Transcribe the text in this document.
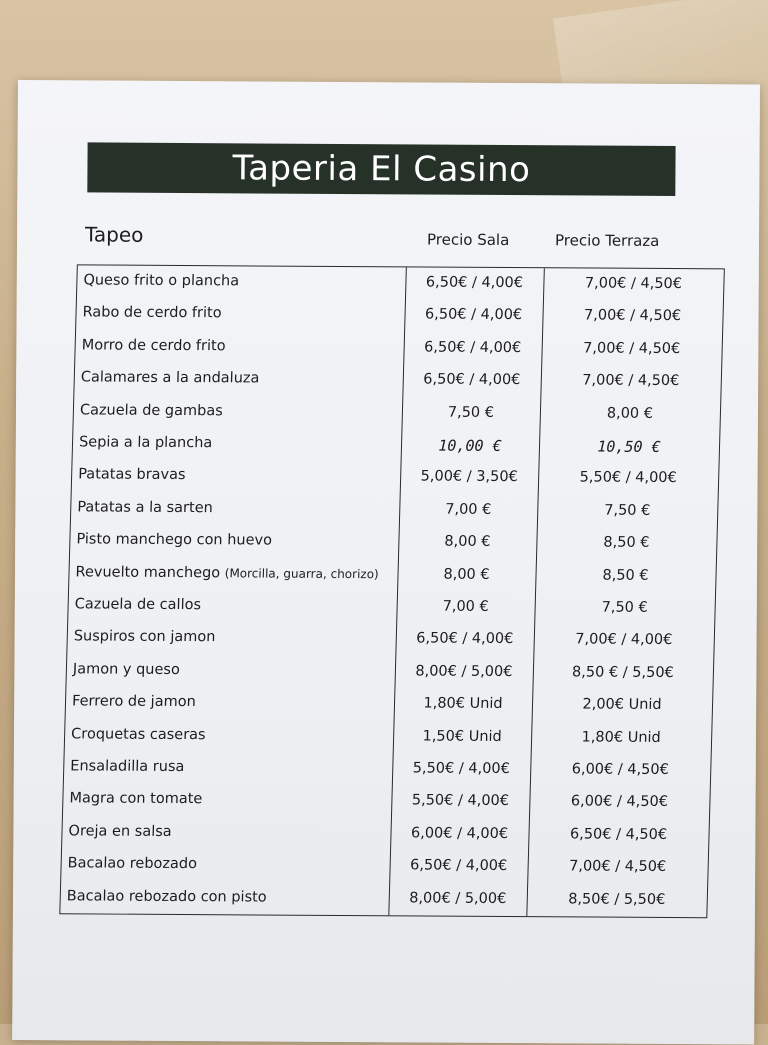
Taperia El Casino
Tapeo	Precio Sala	Precio Terraza
Queso frito o plancha	6,50€ / 4,00€	7,00€ / 4,50€
Rabo de cerdo frito	6,50€ / 4,00€	7,00€ / 4,50€
Morro de cerdo frito	6,50€ / 4,00€	7,00€ / 4,50€
Calamares a la andaluza	6,50€ / 4,00€	7,00€ / 4,50€
Cazuela de gambas	7,50 €	8,00 €
Sepia a la plancha	10,00 €	10,50 €
Patatas bravas	5,00€ / 3,50€	5,50€ / 4,00€
Patatas a la sarten	7,00 €	7,50 €
Pisto manchego con huevo	8,00 €	8,50 €
Revuelto manchego (Morcilla, guarra, chorizo)	8,00 €	8,50 €
Cazuela de callos	7,00 €	7,50 €
Suspiros con jamon	6,50€ / 4,00€	7,00€ / 4,00€
Jamon y queso	8,00€ / 5,00€	8,50 € / 5,50€
Ferrero de jamon	1,80€ Unid	2,00€ Unid
Croquetas caseras	1,50€ Unid	1,80€ Unid
Ensaladilla rusa	5,50€ / 4,00€	6,00€ / 4,50€
Magra con tomate	5,50€ / 4,00€	6,00€ / 4,50€
Oreja en salsa	6,00€ / 4,00€	6,50€ / 4,50€
Bacalao rebozado	6,50€ / 4,00€	7,00€ / 4,50€
Bacalao rebozado con pisto	8,00€ / 5,00€	8,50€ / 5,50€
